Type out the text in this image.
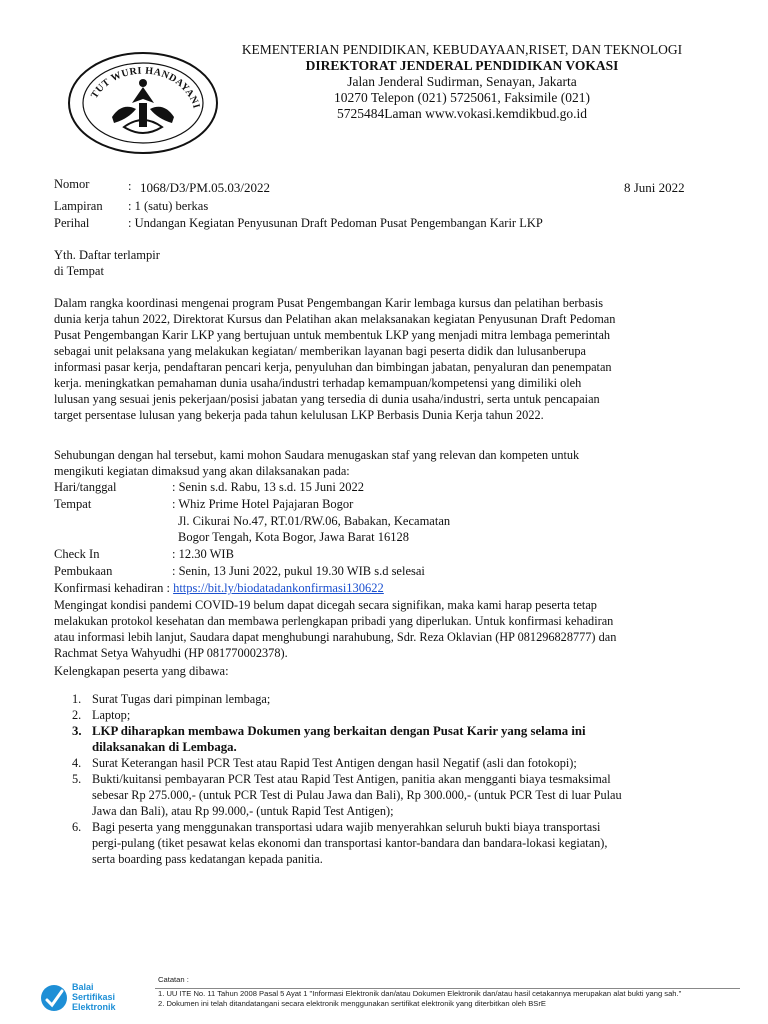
TUT WURI HANDAYANI
KEMENTERIAN PENDIDIKAN, KEBUDAYAAN,RISET, DAN TEKNOLOGI
DIREKTORAT JENDERAL PENDIDIKAN VOKASI
Jalan Jenderal Sudirman, Senayan, Jakarta
10270 Telepon (021) 5725061, Faksimile (021)
5725484Laman www.vokasi.kemdikbud.go.id
Nomor	: 1068/D3/PM.05.03/2022	8 Juni 2022
Lampiran : 1 (satu) berkas
Perihal	: Undangan Kegiatan Penyusunan Draft Pedoman Pusat Pengembangan Karir LKP
Yth. Daftar terlampir
di Tempat
Dalam rangka koordinasi mengenai program Pusat Pengembangan Karir lembaga kursus dan pelatihan berbasis
dunia kerja tahun 2022, Direktorat Kursus dan Pelatihan akan melaksanakan kegiatan Penyusunan Draft Pedoman
Pusat Pengembangan Karir LKP yang bertujuan untuk membentuk LKP yang menjadi mitra lembaga pemerintah
sebagai unit pelaksana yang melakukan kegiatan/ memberikan layanan bagi peserta didik dan lulusanberupa
informasi pasar kerja, pendaftaran pencari kerja, penyuluhan dan bimbingan jabatan, penyaluran dan penempatan
kerja. meningkatkan pemahaman dunia usaha/industri terhadap kemampuan/kompetensi yang dimiliki oleh
lulusan yang sesuai jenis pekerjaan/posisi jabatan yang tersedia di dunia usaha/industri, serta untuk pencapaian
target persentase lulusan yang bekerja pada tahun kelulusan LKP Berbasis Dunia Kerja tahun 2022.
Sehubungan dengan hal tersebut, kami mohon Saudara menugaskan staf yang relevan dan kompeten untuk
mengikuti kegiatan dimaksud yang akan dilaksanakan pada:
Hari/tanggal	: Senin s.d. Rabu, 13 s.d. 15 Juni 2022
Tempat	: Whiz Prime Hotel Pajajaran Bogor
Jl. Cikurai No.47, RT.01/RW.06, Babakan, Kecamatan
Bogor Tengah, Kota Bogor, Jawa Barat 16128
Check In	: 12.30 WIB
Pembukaan	: Senin, 13 Juni 2022, pukul 19.30 WIB s.d selesai
Konfirmasi kehadiran : https://bit.ly/biodatadankonfirmasi130622
Mengingat kondisi pandemi COVID-19 belum dapat dicegah secara signifikan, maka kami harap peserta tetap
melakukan protokol kesehatan dan membawa perlengkapan pribadi yang diperlukan. Untuk konfirmasi kehadiran
atau informasi lebih lanjut, Saudara dapat menghubungi narahubung, Sdr. Reza Oklavian (HP 081296828777) dan
Rachmat Setya Wahyudhi (HP 081770002378).
Kelengkapan peserta yang dibawa:
1. Surat Tugas dari pimpinan lembaga;
2. Laptop;
3. LKP diharapkan membawa Dokumen yang berkaitan dengan Pusat Karir yang selama ini
dilaksanakan di Lembaga.
4. Surat Keterangan hasil PCR Test atau Rapid Test Antigen dengan hasil Negatif (asli dan fotokopi);
5. Bukti/kuitansi pembayaran PCR Test atau Rapid Test Antigen, panitia akan mengganti biaya tesmaksimal
sebesar Rp 275.000,- (untuk PCR Test di Pulau Jawa dan Bali), Rp 300.000,- (untuk PCR Test di luar Pulau
Jawa dan Bali), atau Rp 99.000,- (untuk Rapid Test Antigen);
6. Bagi peserta yang menggunakan transportasi udara wajib menyerahkan seluruh bukti biaya transportasi
pergi-pulang (tiket pesawat kelas ekonomi dan transportasi kantor-bandara dan bandara-lokasi kegiatan),
serta boarding pass kedatangan kepada panitia.
Balai
Sertifikasi
Elektronik
Catatan :
1. UU ITE No. 11 Tahun 2008 Pasal 5 Ayat 1 "Informasi Elektronik dan/atau Dokumen Elektronik dan/atau hasil cetakannya merupakan alat bukti yang sah."
2. Dokumen ini telah ditandatangani secara elektronik menggunakan sertifikat elektronik yang diterbitkan oleh BSrE
